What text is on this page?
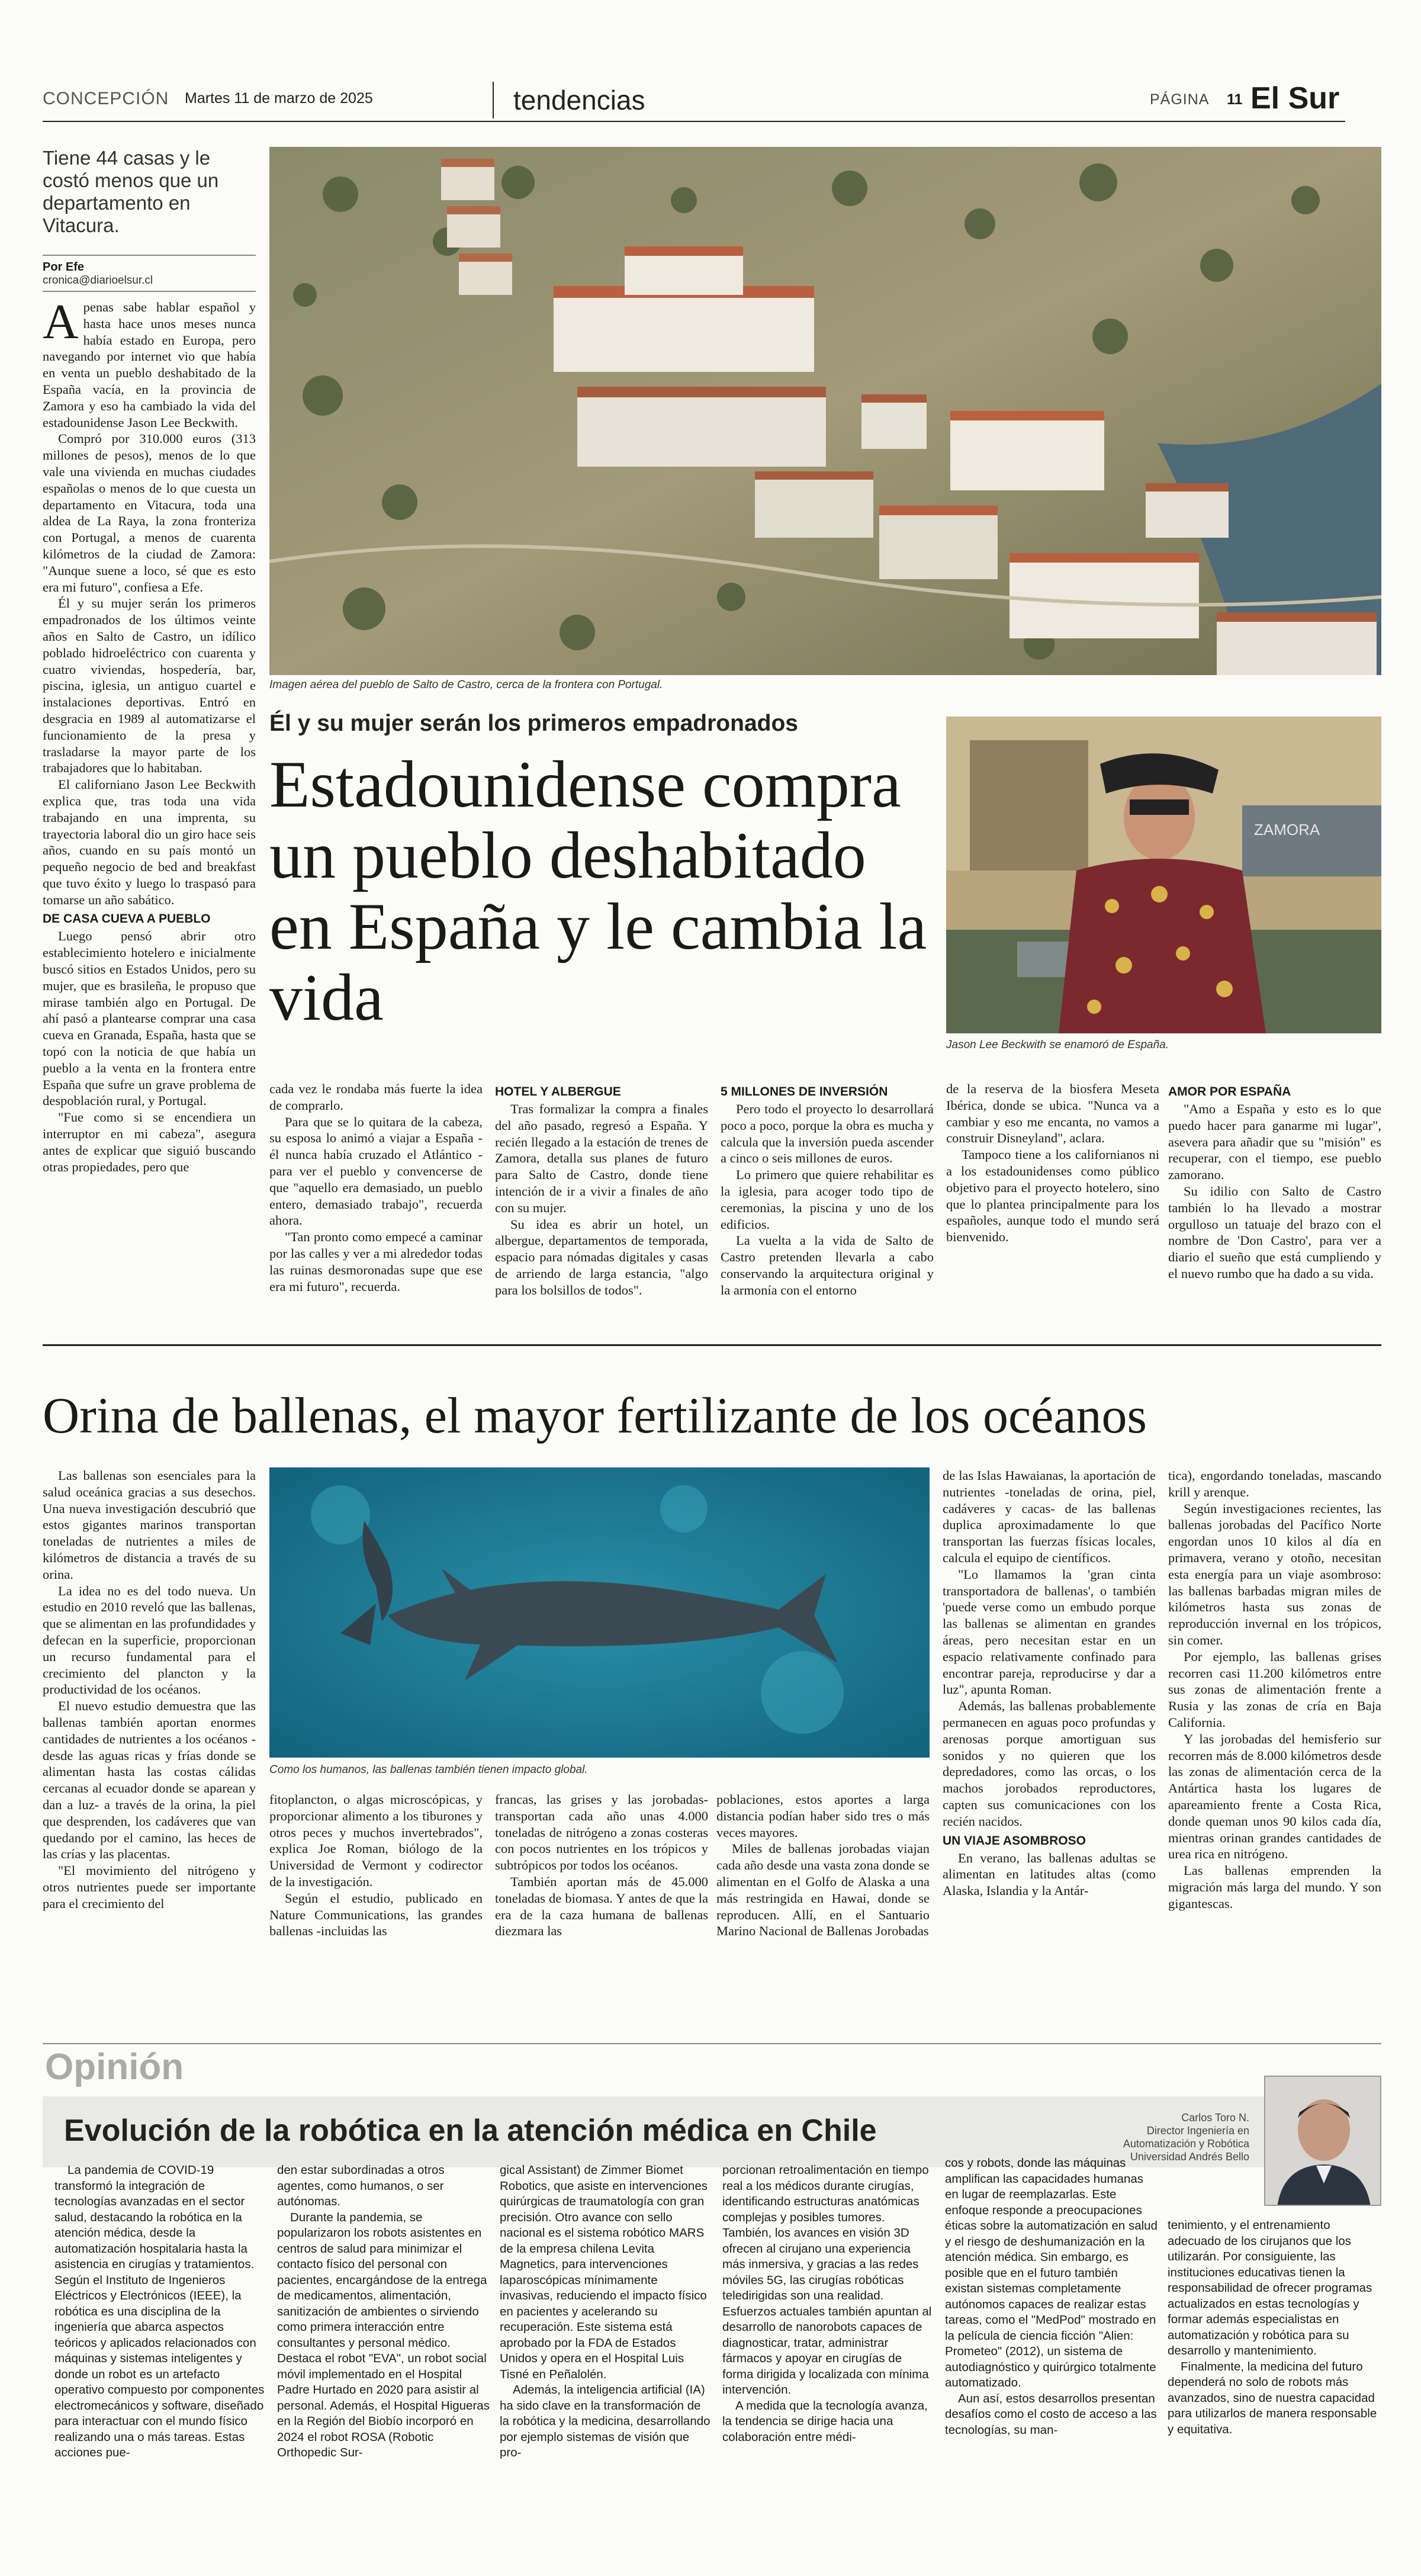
CONCEPCIÓN Martes 11 de marzo de 2025	tendencias	PÁGINA 11 El Sur
Tiene 44 casas y le costó menos que un departamento en Vitacura.
Por Efe
cronica@diarioelsur.cl

Apenas sabe hablar español y hasta hace unos meses nunca había estado en Europa, pero navegando por internet vio que había en venta un pueblo deshabitado de la España vacía, en la provincia de Zamora y eso ha cambiado la vida del estadounidense Jason Lee Beckwith.

Compró por 310.000 euros (313 millones de pesos), menos de lo que vale una vivienda en muchas ciudades españolas o menos de lo que cuesta un departamento en Vitacura, toda una aldea de La Raya, la zona fronteriza con Portugal, a menos de cuarenta kilómetros de la ciudad de Zamora: "Aunque suene a loco, sé que es esto era mi futuro", confiesa a Efe.

Él y su mujer serán los primeros empadronados de los últimos veinte años en Salto de Castro, un idílico poblado hidroeléctrico con cuarenta y cuatro viviendas, hospedería, bar, piscina, iglesia, un antiguo cuartel e instalaciones deportivas. Entró en desgracia en 1989 al automatizarse el funcionamiento de la presa y trasladarse la mayor parte de los trabajadores que lo habitaban.

El californiano Jason Lee Beckwith explica que, tras toda una vida trabajando en una imprenta, su trayectoria laboral dio un giro hace seis años, cuando en su país montó un pequeño negocio de bed and breakfast que tuvo éxito y luego lo traspasó para tomarse un año sabático.

DE CASA CUEVA A PUEBLO

Luego pensó abrir otro establecimiento hotelero e inicialmente buscó sitios en Estados Unidos, pero su mujer, que es brasileña, le propuso que mirase también algo en Portugal. De ahí pasó a plantearse comprar una casa cueva en Granada, España, hasta que se topó con la noticia de que había un pueblo a la venta en la frontera entre España que sufre un grave problema de despoblación rural, y Portugal.

"Fue como si se encendiera un interruptor en mi cabeza", asegura antes de explicar que siguió buscando otras propiedades, pero que

Imagen aérea del pueblo de Salto de Castro, cerca de la frontera con Portugal.
Él y su mujer serán los primeros empadronados
Estadounidense compra un pueblo deshabitado en España y le cambia la vida
ZAMORA
Jason Lee Beckwith se enamoró de España.

cada vez le rondaba más fuerte la idea de comprarlo.

Para que se lo quitara de la cabeza, su esposa lo animó a viajar a España - él nunca había cruzado el Atlántico - para ver el pueblo y convencerse de que "aquello era demasiado, un pueblo entero, demasiado trabajo", recuerda ahora.

"Tan pronto como empecé a caminar por las calles y ver a mi alrededor todas las ruinas desmoronadas supe que ese era mi futuro", recuerda.

HOTEL Y ALBERGUE

Tras formalizar la compra a finales del año pasado, regresó a España. Y recién llegado a la estación de trenes de Zamora, detalla sus planes de futuro para Salto de Castro, donde tiene intención de ir a vivir a finales de año con su mujer.

Su idea es abrir un hotel, un albergue, departamentos de temporada, espacio para nómadas digitales y casas de arriendo de larga estancia, "algo para los bolsillos de todos".

5 MILLONES DE INVERSIÓN

Pero todo el proyecto lo desarrollará poco a poco, porque la obra es mucha y calcula que la inversión pueda ascender a cinco o seis millones de euros.

Lo primero que quiere rehabilitar es la iglesia, para acoger todo tipo de ceremonias, la piscina y uno de los edificios.

La vuelta a la vida de Salto de Castro pretenden llevarla a cabo conservando la arquitectura original y la armonía con el entorno

de la reserva de la biosfera Meseta Ibérica, donde se ubica. "Nunca va a cambiar y eso me encanta, no vamos a construir Disneyland", aclara.

Tampoco tiene a los californianos ni a los estadounidenses como público objetivo para el proyecto hotelero, sino que lo plantea principalmente para los españoles, aunque todo el mundo será bienvenido.

AMOR POR ESPAÑA

"Amo a España y esto es lo que puedo hacer para ganarme mi lugar", asevera para añadir que su "misión" es recuperar, con el tiempo, ese pueblo zamorano.

Su idilio con Salto de Castro también lo ha llevado a mostrar orgulloso un tatuaje del brazo con el nombre de 'Don Castro', para ver a diario el sueño que está cumpliendo y el nuevo rumbo que ha dado a su vida.

Orina de ballenas, el mayor fertilizante de los océanos

Las ballenas son esenciales para la salud oceánica gracias a sus desechos. Una nueva investigación descubrió que estos gigantes marinos transportan toneladas de nutrientes a miles de kilómetros de distancia a través de su orina.

La idea no es del todo nueva. Un estudio en 2010 reveló que las ballenas, que se alimentan en las profundidades y defecan en la superficie, proporcionan un recurso fundamental para el crecimiento del plancton y la productividad de los océanos.

El nuevo estudio demuestra que las ballenas también aportan enormes cantidades de nutrientes a los océanos -desde las aguas ricas y frías donde se alimentan hasta las costas cálidas cercanas al ecuador donde se aparean y dan a luz- a través de la orina, la piel que desprenden, los cadáveres que van quedando por el camino, las heces de las crías y las placentas.

"El movimiento del nitrógeno y otros nutrientes puede ser importante para el crecimiento del

Como los humanos, las ballenas también tienen impacto global.

fitoplancton, o algas microscópicas, y proporcionar alimento a los tiburones y otros peces y muchos invertebrados", explica Joe Roman, biólogo de la Universidad de Vermont y codirector de la investigación.

Según el estudio, publicado en Nature Communications, las grandes ballenas -incluidas las

francas, las grises y las jorobadas- transportan cada año unas 4.000 toneladas de nitrógeno a zonas costeras con pocos nutrientes en los trópicos y subtrópicos por todos los océanos.

También aportan más de 45.000 toneladas de biomasa. Y antes de que la era de la caza humana de ballenas diezmara las

poblaciones, estos aportes a larga distancia podían haber sido tres o más veces mayores.

Miles de ballenas jorobadas viajan cada año desde una vasta zona donde se alimentan en el Golfo de Alaska a una más restringida en Hawai, donde se reproducen. Allí, en el Santuario Marino Nacional de Ballenas Jorobadas

de las Islas Hawaianas, la aportación de nutrientes -toneladas de orina, piel, cadáveres y cacas- de las ballenas duplica aproximadamente lo que transportan las fuerzas físicas locales, calcula el equipo de científicos.

"Lo llamamos la 'gran cinta transportadora de ballenas', o también 'puede verse como un embudo porque las ballenas se alimentan en grandes áreas, pero necesitan estar en un espacio relativamente confinado para encontrar pareja, reproducirse y dar a luz", apunta Roman.

Además, las ballenas probablemente permanecen en aguas poco profundas y arenosas porque amortiguan sus sonidos y no quieren que los depredadores, como las orcas, o los machos jorobados reproductores, capten sus comunicaciones con los recién nacidos.

UN VIAJE ASOMBROSO

En verano, las ballenas adultas se alimentan en latitudes altas (como Alaska, Islandia y la Antár-

tica), engordando toneladas, mascando krill y arenque.

Según investigaciones recientes, las ballenas jorobadas del Pacífico Norte engordan unos 10 kilos al día en primavera, verano y otoño, necesitan esta energía para un viaje asombroso: las ballenas barbadas migran miles de kilómetros hasta sus zonas de reproducción invernal en los trópicos, sin comer.

Por ejemplo, las ballenas grises recorren casi 11.200 kilómetros entre sus zonas de alimentación frente a Rusia y las zonas de cría en Baja California.

Y las jorobadas del hemisferio sur recorren más de 8.000 kilómetros desde las zonas de alimentación cerca de la Antártica hasta los lugares de apareamiento frente a Costa Rica, donde queman unos 90 kilos cada día, mientras orinan grandes cantidades de urea rica en nitrógeno.

Las ballenas emprenden la migración más larga del mundo. Y son gigantescas.

Opinión
Evolución de la robótica en la atención médica en Chile	Carlos Toro N.
Director Ingeniería en Automatización y Robótica
Universidad Andrés Bello

La pandemia de COVID-19 transformó la integración de tecnologías avanzadas en el sector salud, destacando la robótica en la atención médica, desde la automatización hospitalaria hasta la asistencia en cirugías y tratamientos. Según el Instituto de Ingenieros Eléctricos y Electrónicos (IEEE), la robótica es una disciplina de la ingeniería que abarca aspectos teóricos y aplicados relacionados con máquinas y sistemas inteligentes y donde un robot es un artefacto operativo compuesto por componentes electromecánicos y software, diseñado para interactuar con el mundo físico realizando una o más tareas. Estas acciones pue-

den estar subordinadas a otros agentes, como humanos, o ser autónomas.

Durante la pandemia, se popularizaron los robots asistentes en centros de salud para minimizar el contacto físico del personal con pacientes, encargándose de la entrega de medicamentos, alimentación, sanitización de ambientes o sirviendo como primera interacción entre consultantes y personal médico. Destaca el robot "EVA", un robot social móvil implementado en el Hospital Padre Hurtado en 2020 para asistir al personal. Además, el Hospital Higueras en la Región del Biobío incorporó en 2024 el robot ROSA (Robotic Orthopedic Sur-

gical Assistant) de Zimmer Biomet Robotics, que asiste en intervenciones quirúrgicas de traumatología con gran precisión. Otro avance con sello nacional es el sistema robótico MARS de la empresa chilena Levita Magnetics, para intervenciones laparoscópicas mínimamente invasivas, reduciendo el impacto físico en pacientes y acelerando su recuperación. Este sistema está aprobado por la FDA de Estados Unidos y opera en el Hospital Luis Tisné en Peñalolén.

Además, la inteligencia artificial (IA) ha sido clave en la transformación de la robótica y la medicina, desarrollando por ejemplo sistemas de visión que pro-

porcionan retroalimentación en tiempo real a los médicos durante cirugías, identificando estructuras anatómicas complejas y posibles tumores. También, los avances en visión 3D ofrecen al cirujano una experiencia más inmersiva, y gracias a las redes móviles 5G, las cirugías robóticas teledirigidas son una realidad. Esfuerzos actuales también apuntan al desarrollo de nanorobots capaces de diagnosticar, tratar, administrar fármacos y apoyar en cirugías de forma dirigida y localizada con mínima intervención.

A medida que la tecnología avanza, la tendencia se dirige hacia una colaboración entre médi-

cos y robots, donde las máquinas amplifican las capacidades humanas en lugar de reemplazarlas. Este enfoque responde a preocupaciones éticas sobre la automatización en salud y el riesgo de deshumanización en la atención médica. Sin embargo, es posible que en el futuro también existan sistemas completamente autónomos capaces de realizar estas tareas, como el "MedPod" mostrado en la película de ciencia ficción "Alien: Prometeo" (2012), un sistema de autodiagnóstico y quirúrgico totalmente automatizado.

Aun así, estos desarrollos presentan desafíos como el costo de acceso a las tecnologías, su man-

tenimiento, y el entrenamiento adecuado de los cirujanos que los utilizarán. Por consiguiente, las instituciones educativas tienen la responsabilidad de ofrecer programas actualizados en estas tecnologías y formar además especialistas en automatización y robótica para su desarrollo y mantenimiento.

Finalmente, la medicina del futuro dependerá no solo de robots más avanzados, sino de nuestra capacidad para utilizarlos de manera responsable y equitativa.
